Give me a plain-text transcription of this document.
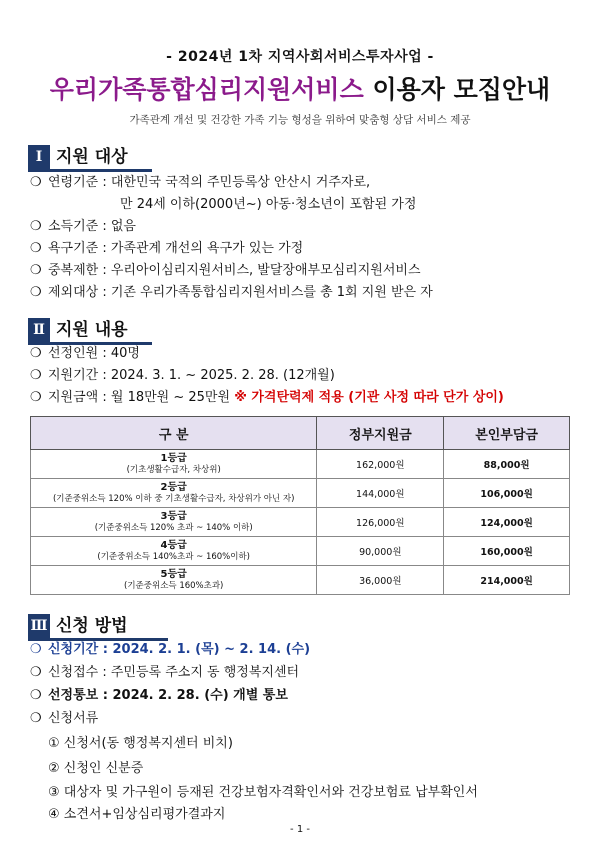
- 2024년 1차 지역사회서비스투자사업 -
우리가족통합심리지원서비스 이용자 모집안내
가족관계 개선 및 건강한 가족 기능 형성을 위하여 맞춤형 상담 서비스 제공
Ⅰ 지원 대상
❍ 연령기준 : 대한민국 국적의 주민등록상 안산시 거주자로,
만 24세 이하(2000년~) 아동·청소년이 포함된 가정
❍ 소득기준 : 없음
❍ 욕구기준 : 가족관계 개선의 욕구가 있는 가정
❍ 중복제한 : 우리아이심리지원서비스, 발달장애부모심리지원서비스
❍ 제외대상 : 기존 우리가족통합심리지원서비스를 총 1회 지원 받은 자
Ⅱ 지원 내용
❍ 선정인원 : 40명
❍ 지원기간 : 2024. 3. 1. ~ 2025. 2. 28. (12개월)
❍ 지원금액 : 월 18만원 ~ 25만원 ※ 가격탄력제 적용 (기관 사정 따라 단가 상이)
구 분	정부지원금	본인부담금

1등급
(기초생활수급자, 차상위)	162,000원	88,000원

2등급
(기준중위소득 120% 이하 중 기초생활수급자, 차상위가 아닌 자)	144,000원	106,000원

3등급
(기준중위소득 120% 초과 ~ 140% 이하)	126,000원	124,000원

4등급
(기준중위소득 140%초과 ~ 160%이하)	90,000원	160,000원

5등급
(기준중위소득 160%초과)	36,000원	214,000원
Ⅲ 신청 방법
❍ 신청기간 : 2024. 2. 1. (목) ~ 2. 14. (수)
❍ 신청접수 : 주민등록 주소지 동 행정복지센터
❍ 선정통보 : 2024. 2. 28. (수) 개별 통보
❍ 신청서류
① 신청서(동 행정복지센터 비치)
② 신청인 신분증
③ 대상자 및 가구원이 등재된 건강보험자격확인서와 건강보험료 납부확인서
④ 소견서+임상심리평가결과지
- 1 -
